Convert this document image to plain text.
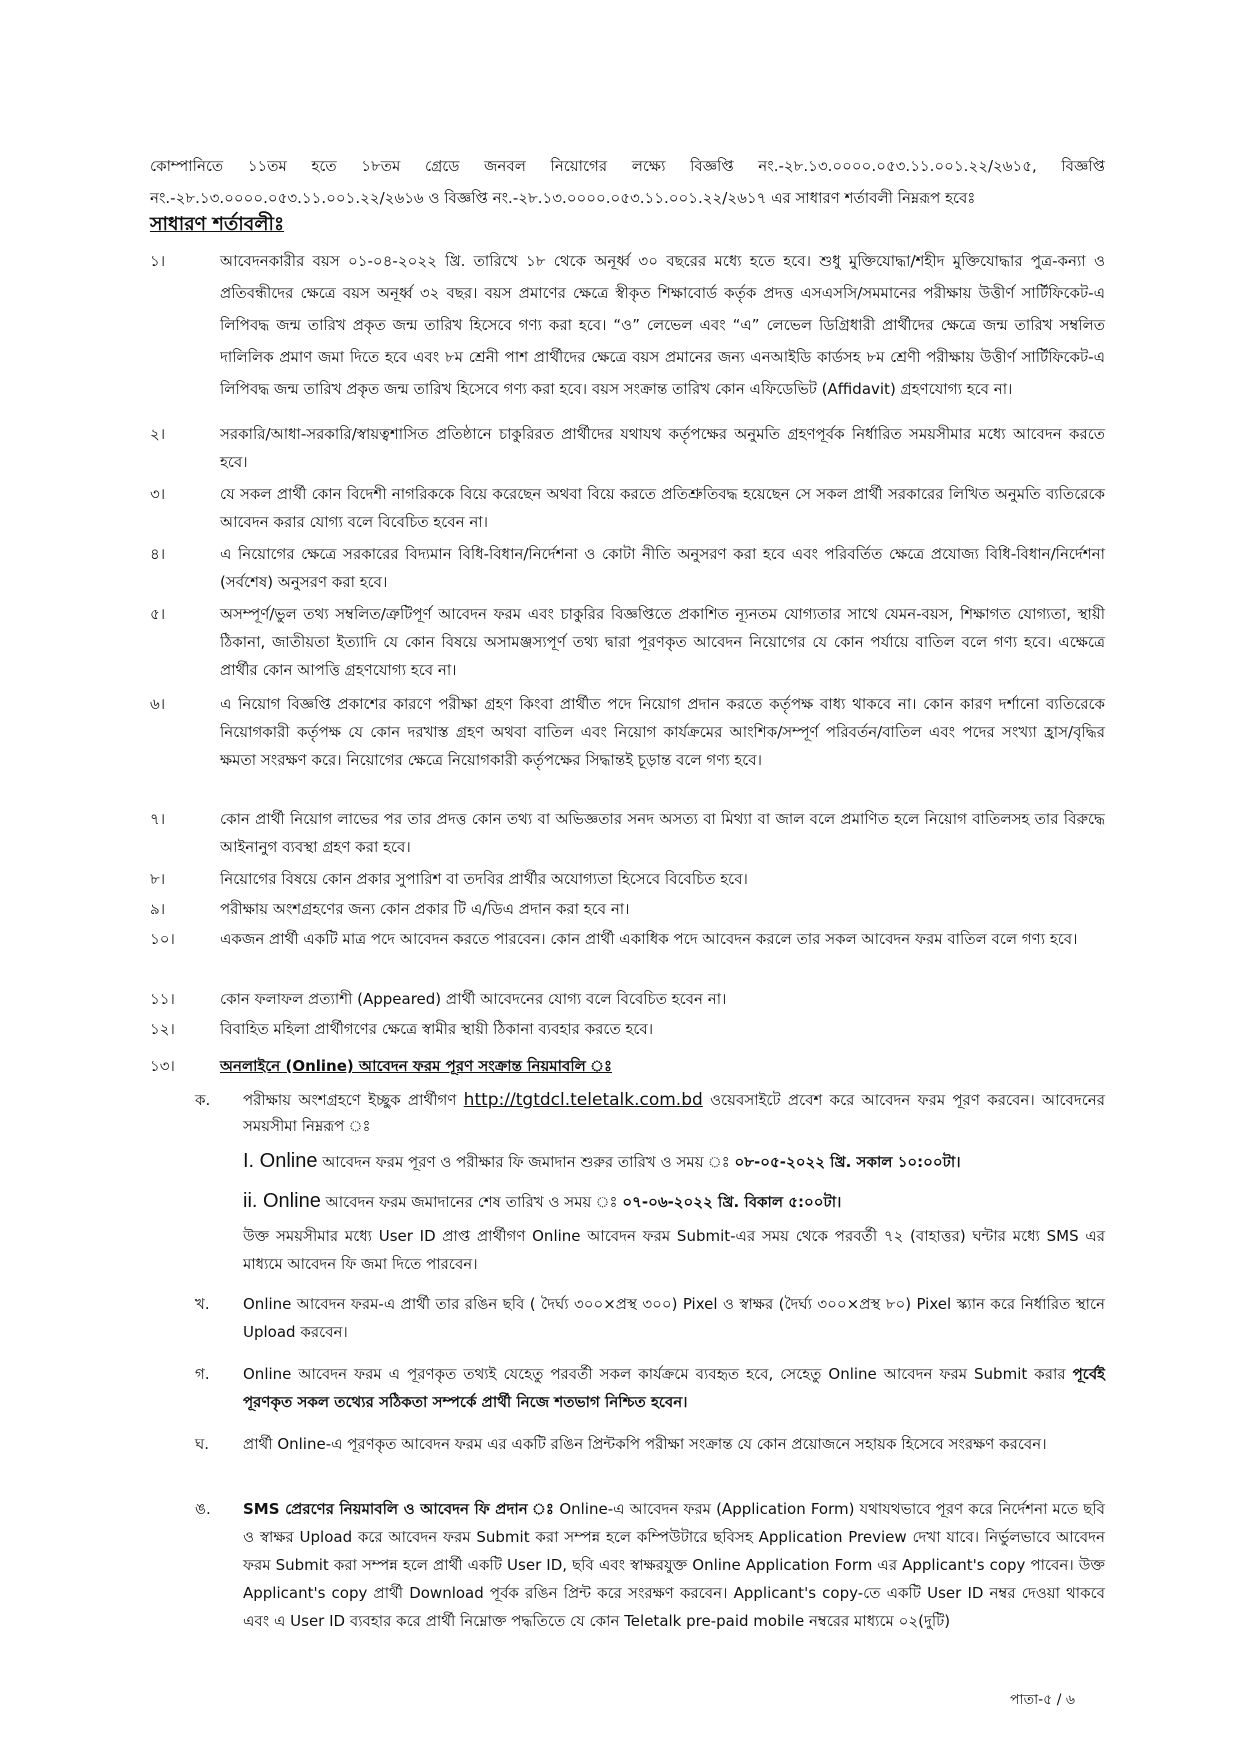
কোম্পানিতে ১১তম হতে ১৮তম গ্রেডে জনবল নিয়োগের লক্ষ্যে বিজ্ঞপ্তি নং.-২৮.১৩.০০০০.০৫৩.১১.০০১.২২/২৬১৫, বিজ্ঞপ্তি নং.-২৮.১৩.০০০০.০৫৩.১১.০০১.২২/২৬১৬ ও বিজ্ঞপ্তি নং.-২৮.১৩.০০০০.০৫৩.১১.০০১.২২/২৬১৭ এর সাধারণ শর্তাবলী নিম্নরূপ হবেঃ
সাধারণ শর্তাবলীঃ
১।	আবেদনকারীর বয়স ০১-০৪-২০২২ খ্রি. তারিখে ১৮ থেকে অনূর্ধ্ব ৩০ বছরের মধ্যে হতে হবে। শুধু মুক্তিযোদ্ধা/শহীদ মুক্তিযোদ্ধার পুত্র-কন্যা ও প্রতিবন্ধীদের ক্ষেত্রে বয়স অনূর্ধ্ব ৩২ বছর। বয়স প্রমাণের ক্ষেত্রে স্বীকৃত শিক্ষাবোর্ড কর্তৃক প্রদত্ত এসএসসি/সমমানের পরীক্ষায় উত্তীর্ণ সার্টিফিকেট-এ লিপিবদ্ধ জন্ম তারিখ প্রকৃত জন্ম তারিখ হিসেবে গণ্য করা হবে। “ও” লেভেল এবং “এ” লেভেল ডিগ্রিধারী প্রার্থীদের ক্ষেত্রে জন্ম তারিখ সম্বলিত দালিলিক প্রমাণ জমা দিতে হবে এবং ৮ম শ্রেনী পাশ প্রার্থীদের ক্ষেত্রে বয়স প্রমানের জন্য এনআইডি কার্ডসহ ৮ম শ্রেণী পরীক্ষায় উত্তীর্ণ সার্টিফিকেট-এ লিপিবদ্ধ জন্ম তারিখ প্রকৃত জন্ম তারিখ হিসেবে গণ্য করা হবে। বয়স সংক্রান্ত তারিখ কোন এফিডেভিট (Affidavit) গ্রহণযোগ্য হবে না।
২।	সরকারি/আধা-সরকারি/স্বায়ত্বশাসিত প্রতিষ্ঠানে চাকুরিরত প্রার্থীদের যথাযথ কর্তৃপক্ষের অনুমতি গ্রহণপূর্বক নির্ধারিত সময়সীমার মধ্যে আবেদন করতে হবে।
৩।	যে সকল প্রার্থী কোন বিদেশী নাগরিককে বিয়ে করেছেন অথবা বিয়ে করতে প্রতিশ্রুতিবদ্ধ হয়েছেন সে সকল প্রার্থী সরকারের লিখিত অনুমতি ব্যতিরেকে আবেদন করার যোগ্য বলে বিবেচিত হবেন না।
৪।	এ নিয়োগের ক্ষেত্রে সরকারের বিদ্যমান বিধি-বিধান/নির্দেশনা ও কোটা নীতি অনুসরণ করা হবে এবং পরিবর্তিত ক্ষেত্রে প্রযোজ্য বিধি-বিধান/নির্দেশনা (সর্বশেষ) অনুসরণ করা হবে।
৫।	অসম্পূর্ণ/ভুল তথ্য সম্বলিত/ত্রুটিপূর্ণ আবেদন ফরম এবং চাকুরির বিজ্ঞপ্তিতে প্রকাশিত ন্যূনতম যোগ্যতার সাথে যেমন-বয়স, শিক্ষাগত যোগ্যতা, স্থায়ী ঠিকানা, জাতীয়তা ইত্যাদি যে কোন বিষয়ে অসামঞ্জস্যপূর্ণ তথ্য দ্বারা পূরণকৃত আবেদন নিয়োগের যে কোন পর্যায়ে বাতিল বলে গণ্য হবে। এক্ষেত্রে প্রার্থীর কোন আপত্তি গ্রহণযোগ্য হবে না।
৬।	এ নিয়োগ বিজ্ঞপ্তি প্রকাশের কারণে পরীক্ষা গ্রহণ কিংবা প্রার্থীত পদে নিয়োগ প্রদান করতে কর্তৃপক্ষ বাধ্য থাকবে না। কোন কারণ দর্শানো ব্যতিরেকে নিয়োগকারী কর্তৃপক্ষ যে কোন দরখাস্ত গ্রহণ অথবা বাতিল এবং নিয়োগ কার্যক্রমের আংশিক/সম্পূর্ণ পরিবর্তন/বাতিল এবং পদের সংখ্যা হ্রাস/বৃদ্ধির ক্ষমতা সংরক্ষণ করে। নিয়োগের ক্ষেত্রে নিয়োগকারী কর্তৃপক্ষের সিদ্ধান্তই চূড়ান্ত বলে গণ্য হবে।
৭।	কোন প্রার্থী নিয়োগ লাভের পর তার প্রদত্ত কোন তথ্য বা অভিজ্ঞতার সনদ অসত্য বা মিথ্যা বা জাল বলে প্রমাণিত হলে নিয়োগ বাতিলসহ তার বিরুদ্ধে আইনানুগ ব্যবস্থা গ্রহণ করা হবে।
৮।	নিয়োগের বিষয়ে কোন প্রকার সুপারিশ বা তদবির প্রার্থীর অযোগ্যতা হিসেবে বিবেচিত হবে।
৯।	পরীক্ষায় অংশগ্রহণের জন্য কোন প্রকার টি এ/ডিএ প্রদান করা হবে না।
১০।	একজন প্রার্থী একটি মাত্র পদে আবেদন করতে পারবেন। কোন প্রার্থী একাধিক পদে আবেদন করলে তার সকল আবেদন ফরম বাতিল বলে গণ্য হবে।
১১।	কোন ফলাফল প্রত্যাশী (Appeared) প্রার্থী আবেদনের যোগ্য বলে বিবেচিত হবেন না।
১২।	বিবাহিত মহিলা প্রার্থীগণের ক্ষেত্রে স্বামীর স্থায়ী ঠিকানা ব্যবহার করতে হবে।
১৩।	অনলাইনে (Online) আবেদন ফরম পূরণ সংক্রান্ত নিয়মাবলি ঃ
ক.	পরীক্ষায় অংশগ্রহণে ইচ্ছুক প্রার্থীগণ http://tgtdcl.teletalk.com.bd ওয়েবসাইটে প্রবেশ করে আবেদন ফরম পূরণ করবেন। আবেদনের সময়সীমা নিম্নরূপ ঃ
I. Online আবেদন ফরম পূরণ ও পরীক্ষার ফি জমাদান শুরুর তারিখ ও সময় ঃ ০৮-০৫-২০২২ খ্রি. সকাল ১০:০০টা।
ii. Online আবেদন ফরম জমাদানের শেষ তারিখ ও সময় ঃ ০৭-০৬-২০২২ খ্রি. বিকাল ৫:০০টা।
উক্ত সময়সীমার মধ্যে User ID প্রাপ্ত প্রার্থীগণ Online আবেদন ফরম Submit-এর সময় থেকে পরবর্তী ৭২ (বাহাত্তর) ঘন্টার মধ্যে SMS এর মাধ্যমে আবেদন ফি জমা দিতে পারবেন।
খ.	Online আবেদন ফরম-এ প্রার্থী তার রঙিন ছবি ( দৈর্ঘ্য ৩০০×প্রস্থ ৩০০) Pixel ও স্বাক্ষর (দৈর্ঘ্য ৩০০×প্রস্থ ৮০) Pixel স্ক্যান করে নির্ধারিত স্থানে Upload করবেন।
গ.	Online আবেদন ফরম এ পূরণকৃত তথ্যই যেহেতু পরবর্তী সকল কার্যক্রমে ব্যবহৃত হবে, সেহেতু Online আবেদন ফরম Submit করার পূর্বেই পূরণকৃত সকল তথ্যের সঠিকতা সম্পর্কে প্রার্থী নিজে শতভাগ নিশ্চিত হবেন।
ঘ.	প্রার্থী Online-এ পূরণকৃত আবেদন ফরম এর একটি রঙিন প্রিন্টকপি পরীক্ষা সংক্রান্ত যে কোন প্রয়োজনে সহায়ক হিসেবে সংরক্ষণ করবেন।
ঙ.	SMS প্রেরণের নিয়মাবলি ও আবেদন ফি প্রদান ঃ Online-এ আবেদন ফরম (Application Form) যথাযথভাবে পূরণ করে নির্দেশনা মতে ছবি ও স্বাক্ষর Upload করে আবেদন ফরম Submit করা সম্পন্ন হলে কম্পিউটারে ছবিসহ Application Preview দেখা যাবে। নির্ভুলভাবে আবেদন ফরম Submit করা সম্পন্ন হলে প্রার্থী একটি User ID, ছবি এবং স্বাক্ষরযুক্ত Online Application Form এর Applicant's copy পাবেন। উক্ত Applicant's copy প্রার্থী Download পূর্বক রঙিন প্রিন্ট করে সংরক্ষণ করবেন। Applicant's copy-তে একটি User ID নম্বর দেওয়া থাকবে এবং এ User ID ব্যবহার করে প্রার্থী নিম্নোক্ত পদ্ধতিতে যে কোন Teletalk pre-paid mobile নম্বরের মাধ্যমে ০২(দুটি)
পাতা-৫ / ৬
